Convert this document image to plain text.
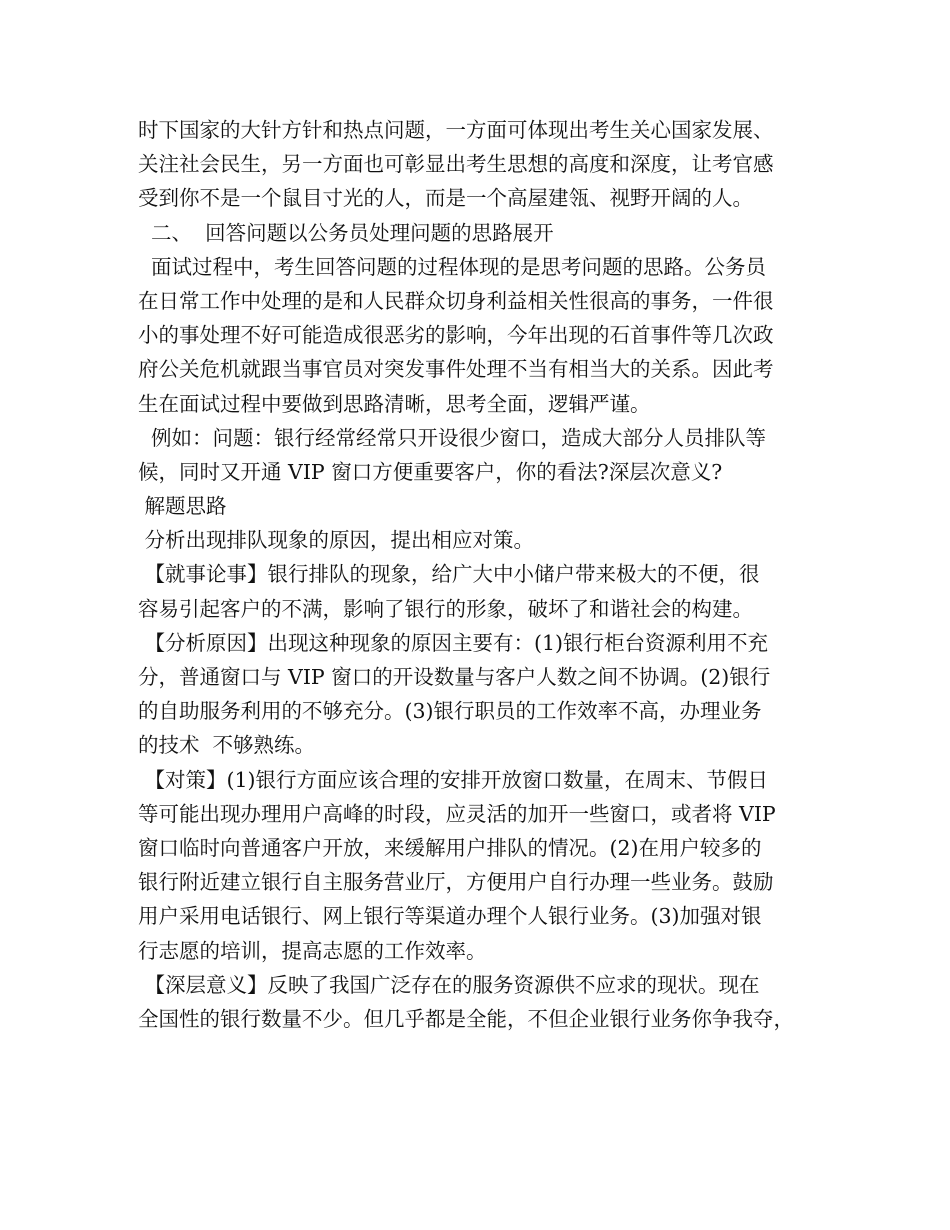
时下国家的大针方针和热点问题，一方面可体现出考生关心国家发展、
关注社会民生，另一方面也可彰显出考生思想的高度和深度，让考官感
受到你不是一个鼠目寸光的人，而是一个高屋建瓴、视野开阔的人。
二、  回答问题以公务员处理问题的思路展开
面试过程中，考生回答问题的过程体现的是思考问题的思路。公务员
在日常工作中处理的是和人民群众切身利益相关性很高的事务，一件很
小的事处理不好可能造成很恶劣的影响，今年出现的石首事件等几次政
府公关危机就跟当事官员对突发事件处理不当有相当大的关系。因此考
生在面试过程中要做到思路清晰，思考全面，逻辑严谨。
例如：问题：银行经常经常只开设很少窗口，造成大部分人员排队等
候，同时又开通 VIP 窗口方便重要客户，你的看法?深层次意义?
解题思路
分析出现排队现象的原因，提出相应对策。
【就事论事】银行排队的现象，给广大中小储户带来极大的不便，很
容易引起客户的不满，影响了银行的形象，破坏了和谐社会的构建。
【分析原因】出现这种现象的原因主要有：(1)银行柜台资源利用不充
分，普通窗口与 VIP 窗口的开设数量与客户人数之间不协调。(2)银行
的自助服务利用的不够充分。(3)银行职员的工作效率不高，办理业务
的技术  不够熟练。
【对策】(1)银行方面应该合理的安排开放窗口数量，在周末、节假日
等可能出现办理用户高峰的时段，应灵活的加开一些窗口，或者将 VIP
窗口临时向普通客户开放，来缓解用户排队的情况。(2)在用户较多的
银行附近建立银行自主服务营业厅，方便用户自行办理一些业务。鼓励
用户采用电话银行、网上银行等渠道办理个人银行业务。(3)加强对银
行志愿的培训，提高志愿的工作效率。
【深层意义】反映了我国广泛存在的服务资源供不应求的现状。现在
全国性的银行数量不少。但几乎都是全能，不但企业银行业务你争我夺，
